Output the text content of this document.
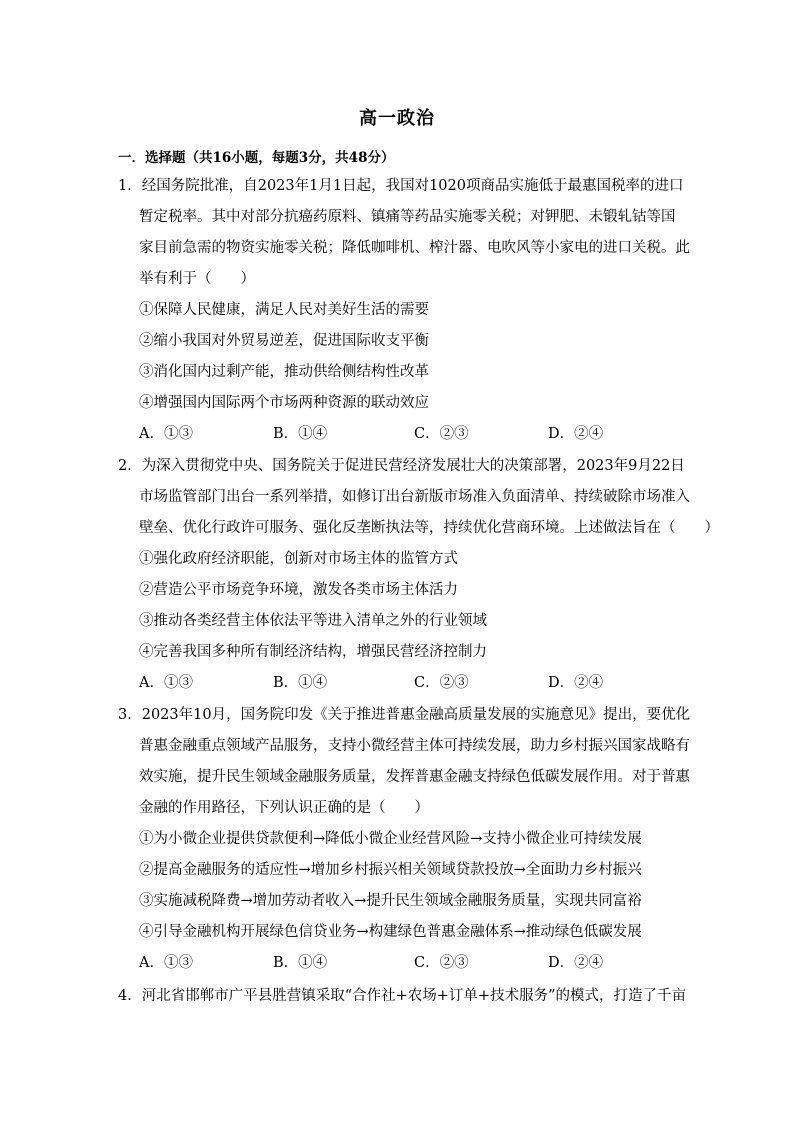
高一政治
一．选择题（共16小题，每题3分，共48分）
1．经国务院批准，自2023年1月1日起，我国对1020项商品实施低于最惠国税率的进口
暂定税率。其中对部分抗癌药原料、镇痛等药品实施零关税；对钾肥、未锻轧钴等国
家目前急需的物资实施零关税；降低咖啡机、榨汁器、电吹风等小家电的进口关税。此
举有利于（　　）
①保障人民健康，满足人民对美好生活的需要
②缩小我国对外贸易逆差，促进国际收支平衡
③消化国内过剩产能，推动供给侧结构性改革
④增强国内国际两个市场两种资源的联动效应
A．①③	B．①④	C．②③	D．②④
2．为深入贯彻党中央、国务院关于促进民营经济发展壮大的决策部署，2023年9月22日
市场监管部门出台一系列举措，如修订出台新版市场准入负面清单、持续破除市场准入
壁垒、优化行政许可服务、强化反垄断执法等，持续优化营商环境。上述做法旨在（　　）
①强化政府经济职能，创新对市场主体的监管方式
②营造公平市场竞争环境，激发各类市场主体活力
③推动各类经营主体依法平等进入清单之外的行业领域
④完善我国多种所有制经济结构，增强民营经济控制力
A．①③	B．①④	C．②③	D．②④
3．2023年10月，国务院印发《关于推进普惠金融高质量发展的实施意见》提出，要优化
普惠金融重点领域产品服务，支持小微经营主体可持续发展，助力乡村振兴国家战略有
效实施，提升民生领域金融服务质量，发挥普惠金融支持绿色低碳发展作用。对于普惠
金融的作用路径，下列认识正确的是（　　）
①为小微企业提供贷款便利→降低小微企业经营风险→支持小微企业可持续发展
②提高金融服务的适应性→增加乡村振兴相关领域贷款投放→全面助力乡村振兴
③实施减税降费→增加劳动者收入→提升民生领域金融服务质量，实现共同富裕
④引导金融机构开展绿色信贷业务→构建绿色普惠金融体系→推动绿色低碳发展
A．①③	B．①④	C．②③	D．②④
4．河北省邯郸市广平县胜营镇采取“合作社+农场+订单+技术服务”的模式，打造了千亩
